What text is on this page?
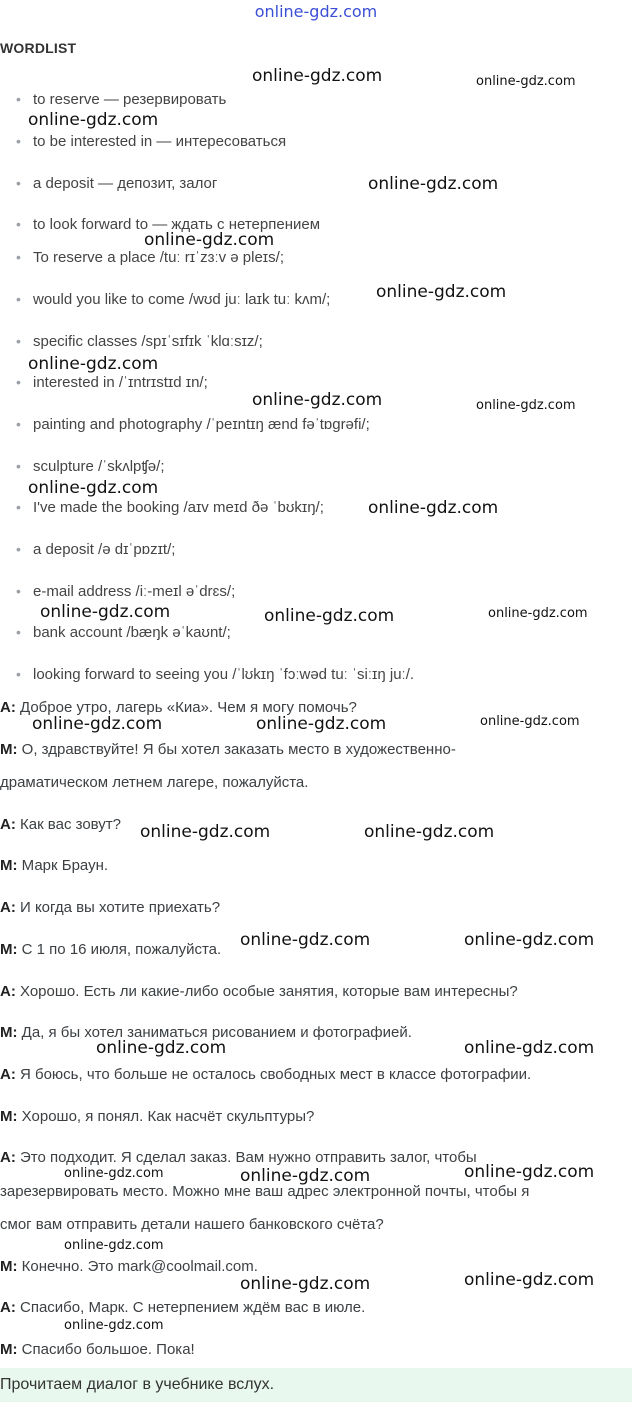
online-gdz.com
WORDLIST
• to reserve — резервировать
• to be interested in — интересоваться
• a deposit — депозит, залог
• to look forward to — ждать с нетерпением
• To reserve a place /tuː rɪˈzɜːv ə pleɪs/;
• would you like to come /wʊd juː laɪk tuː kʌm/;
• specific classes /spɪˈsɪfɪk ˈklɑːsɪz/;
• interested in /ˈɪntrɪstɪd ɪn/;
• painting and photography /ˈpeɪntɪŋ ænd fəˈtɒgrəfi/;
• sculpture /ˈskʌlpʧə/;
• I've made the booking /aɪv meɪd ðə ˈbʊkɪŋ/;
• a deposit /ə dɪˈpɒzɪt/;
• e-mail address /iː-meɪl əˈdrɛs/;
• bank account /bæŋk əˈkaʊnt/;
• looking forward to seeing you /ˈlʊkɪŋ ˈfɔːwəd tuː ˈsiːɪŋ juː/.
A: Доброе утро, лагерь «Киа». Чем я могу помочь?
M: О, здравствуйте! Я бы хотел заказать место в художественно-
драматическом летнем лагере, пожалуйста.
A: Как вас зовут?
M: Марк Браун.
A: И когда вы хотите приехать?
M: С 1 по 16 июля, пожалуйста.
A: Хорошо. Есть ли какие-либо особые занятия, которые вам интересны?
M: Да, я бы хотел заниматься рисованием и фотографией.
A: Я боюсь, что больше не осталось свободных мест в классе фотографии.
M: Хорошо, я понял. Как насчёт скульптуры?
A: Это подходит. Я сделал заказ. Вам нужно отправить залог, чтобы
зарезервировать место. Можно мне ваш адрес электронной почты, чтобы я
смог вам отправить детали нашего банковского счёта?
M: Конечно. Это mark@coolmail.com.
A: Спасибо, Марк. С нетерпением ждём вас в июле.
M: Спасибо большое. Пока!
Прочитаем диалог в учебнике вслух.
online-gdz.com	online-gdz.com
online-gdz.com
online-gdz.com
online-gdz.com
online-gdz.com
online-gdz.com
online-gdz.com	online-gdz.com
online-gdz.com
online-gdz.com
online-gdz.com	online-gdz.com	online-gdz.com
online-gdz.com	online-gdz.com	online-gdz.com
online-gdz.com	online-gdz.com
online-gdz.com	online-gdz.com
online-gdz.com	online-gdz.com
online-gdz.com	online-gdz.com	online-gdz.com
online-gdz.com
online-gdz.com	online-gdz.com
online-gdz.com
